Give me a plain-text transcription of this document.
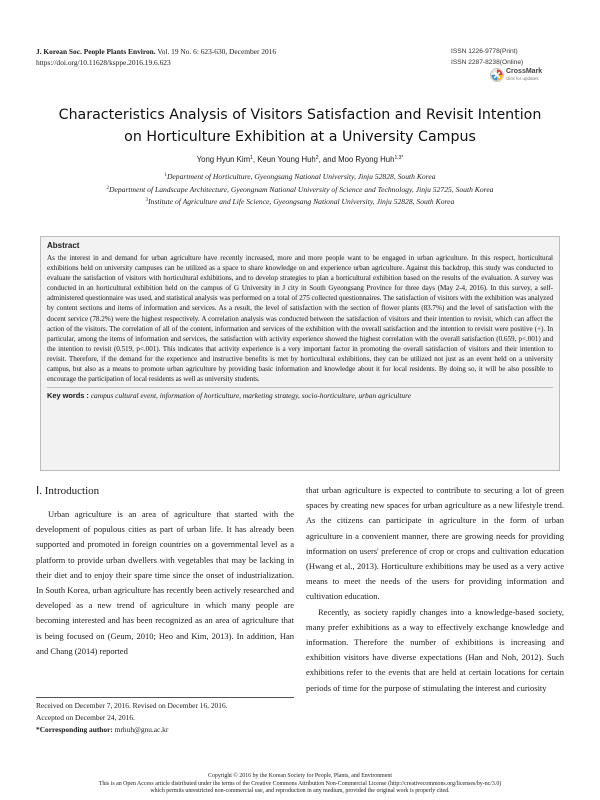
J. Korean Soc. People Plants Environ. Vol. 19 No. 6: 623-630, December 2016
https://doi.org/10.11628/ksppe.2016.19.6.623
ISSN 1226-9778(Print)
ISSN 2287-8238(Online)
CrossMark
click for updates
Characteristics Analysis of Visitors Satisfaction and Revisit Intention
on Horticulture Exhibition at a University Campus
Yong Hyun Kim$^1$, Keun Young Huh$^2$, and Moo Ryong Huh$^{1,3*}$
$^1$Department of Horticulture, Gyeongsang National University, Jinju 52828, South Korea
$^2$Department of Landscape Architecture, Gyeongnam National University of Science and Technology, Jinju 52725, South Korea
$^3$Institute of Agriculture and Life Science, Gyeongsang National University, Jinju 52828, South Korea
Abstract
As the interest in and demand for urban agriculture have recently increased, more and more people want to be engaged in urban agriculture. In this respect, horticultural exhibitions held on university campuses can be utilized as a space to share knowledge on and experience urban agriculture. Against this backdrop, this study was conducted to evaluate the satisfaction of visitors with horticultural exhibitions, and to develop strategies to plan a horticultural exhibition based on the results of the evaluation. A survey was conducted in an horticultural exhibition held on the campus of G University in J city in South Gyeongsang Province for three days (May 2-4, 2016). In this survey, a self-administered questionnaire was used, and statistical analysis was performed on a total of 275 collected questionnaires. The satisfaction of visitors with the exhibition was analyzed by content sections and items of information and services. As a result, the level of satisfaction with the section of flower plants (83.7%) and the level of satisfaction with the docent service (78.2%) were the highest respectively. A correlation analysis was conducted between the satisfaction of visitors and their intention to revisit, which can affect the action of the visitors. The correlation of all of the content, information and services of the exhibition with the overall satisfaction and the intention to revisit were positive (+). In particular, among the items of information and services, the satisfaction with activity experience showed the highest correlation with the overall satisfaction (0.659, p<.001) and the intention to revisit (0.519, p<.001). This indicates that activity experience is a very important factor in promoting the overall satisfaction of visitors and their intention to revisit. Therefore, if the demand for the experience and instructive benefits is met by horticultural exhibitions, they can be utilized not just as an event held on a university campus, but also as a means to promote urban agriculture by providing basic information and knowledge about it for local residents. By doing so, it will be also possible to encourage the participation of local residents as well as university students.
Key words : campus cultural event, information of horticulture, marketing strategy, socio-horticulture, urban agriculture
Ⅰ. Introduction

Urban agriculture is an area of agriculture that started with the development of populous cities as part of urban life. It has already been supported and promoted in foreign countries on a governmental level as a platform to provide urban dwellers with vegetables that may be lacking in their diet and to enjoy their spare time since the onset of industrialization. In South Korea, urban agriculture has recently been actively researched and developed as a new trend of agriculture in which many people are becoming interested and has been recognized as an area of agriculture that is being focused on (Geum, 2010; Heo and Kim, 2013). In addition, Han and Chang (2014) reported

that urban agriculture is expected to contribute to securing a lot of green spaces by creating new spaces for urban agriculture as a new lifestyle trend. As the citizens can participate in agriculture in the form of urban agriculture in a convenient manner, there are growing needs for providing information on users' preference of crop or crops and cultivation education (Hwang et al., 2013). Horticulture exhibitions may be used as a very active means to meet the needs of the users for providing information and cultivation education.

Recently, as society rapidly changes into a knowledge-based society, many prefer exhibitions as a way to effectively exchange knowledge and information. Therefore the number of exhibitions is increasing and exhibition visitors have diverse expectations (Han and Noh, 2012). Such exhibitions refer to the events that are held at certain locations for certain periods of time for the purpose of stimulating the interest and curiosity

Received on December 7, 2016. Revised on December 16, 2016.
Accepted on December 24, 2016.
*Corresponding author: mrhuh@gnu.ac.kr
Copyright © 2016 by the Korean Society for People, Plants, and Environment
This is an Open Access article distributed under the terms of the Creative Commons Attribution Non-Commercial License (http://creativecommons.org/licenses/by-nc/3.0)
which permits unrestricted non-commercial use, and reproduction in any medium, provided the original work is properly cited.
